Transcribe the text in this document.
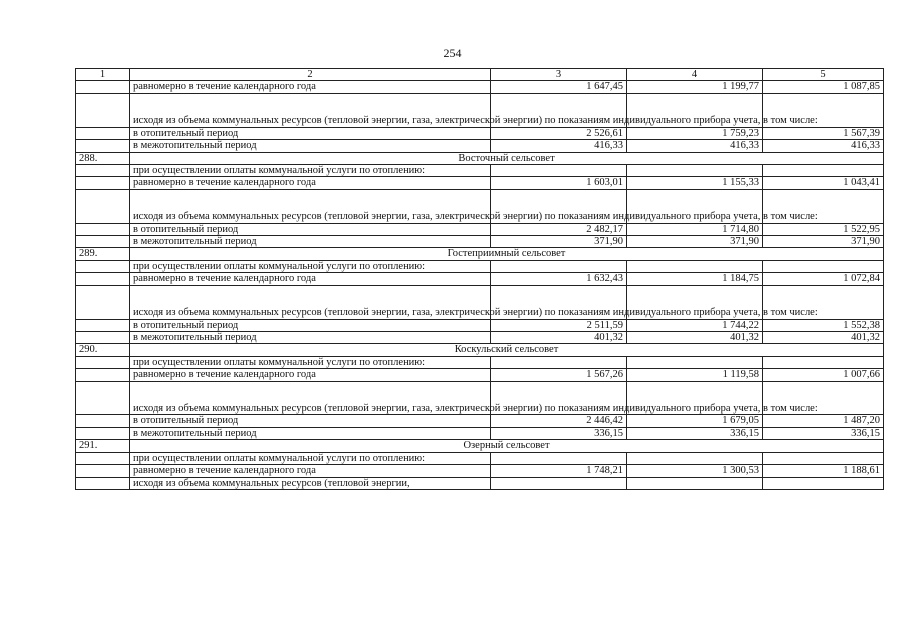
254
1	2	3	4	5
	равномерно в течение календарного года	1 647,45	1 199,77	1 087,85
	исходя из объема коммунальных ресурсов (тепловой энергии, газа, электрической энергии) по показаниям индивидуального прибора учета, в том числе:			
	в отопительный период	2 526,61	1 759,23	1 567,39
	в межотопительный период	416,33	416,33	416,33
288.	Восточный сельсовет			
	при осуществлении оплаты коммунальной услуги по отоплению:			
	равномерно в течение календарного года	1 603,01	1 155,33	1 043,41
	исходя из объема коммунальных ресурсов (тепловой энергии, газа, электрической энергии) по показаниям индивидуального прибора учета, в том числе:			
	в отопительный период	2 482,17	1 714,80	1 522,95
	в межотопительный период	371,90	371,90	371,90
289.	Гостеприимный сельсовет			
	при осуществлении оплаты коммунальной услуги по отоплению:			
	равномерно в течение календарного года	1 632,43	1 184,75	1 072,84
	исходя из объема коммунальных ресурсов (тепловой энергии, газа, электрической энергии) по показаниям индивидуального прибора учета, в том числе:			
	в отопительный период	2 511,59	1 744,22	1 552,38
	в межотопительный период	401,32	401,32	401,32
290.	Коскульский сельсовет			
	при осуществлении оплаты коммунальной услуги по отоплению:			
	равномерно в течение календарного года	1 567,26	1 119,58	1 007,66
	исходя из объема коммунальных ресурсов (тепловой энергии, газа, электрической энергии) по показаниям индивидуального прибора учета, в том числе:			
	в отопительный период	2 446,42	1 679,05	1 487,20
	в межотопительный период	336,15	336,15	336,15
291.	Озерный сельсовет			
	при осуществлении оплаты коммунальной услуги по отоплению:			
	равномерно в течение календарного года	1 748,21	1 300,53	1 188,61
	исходя из объема коммунальных ресурсов (тепловой энергии,			
